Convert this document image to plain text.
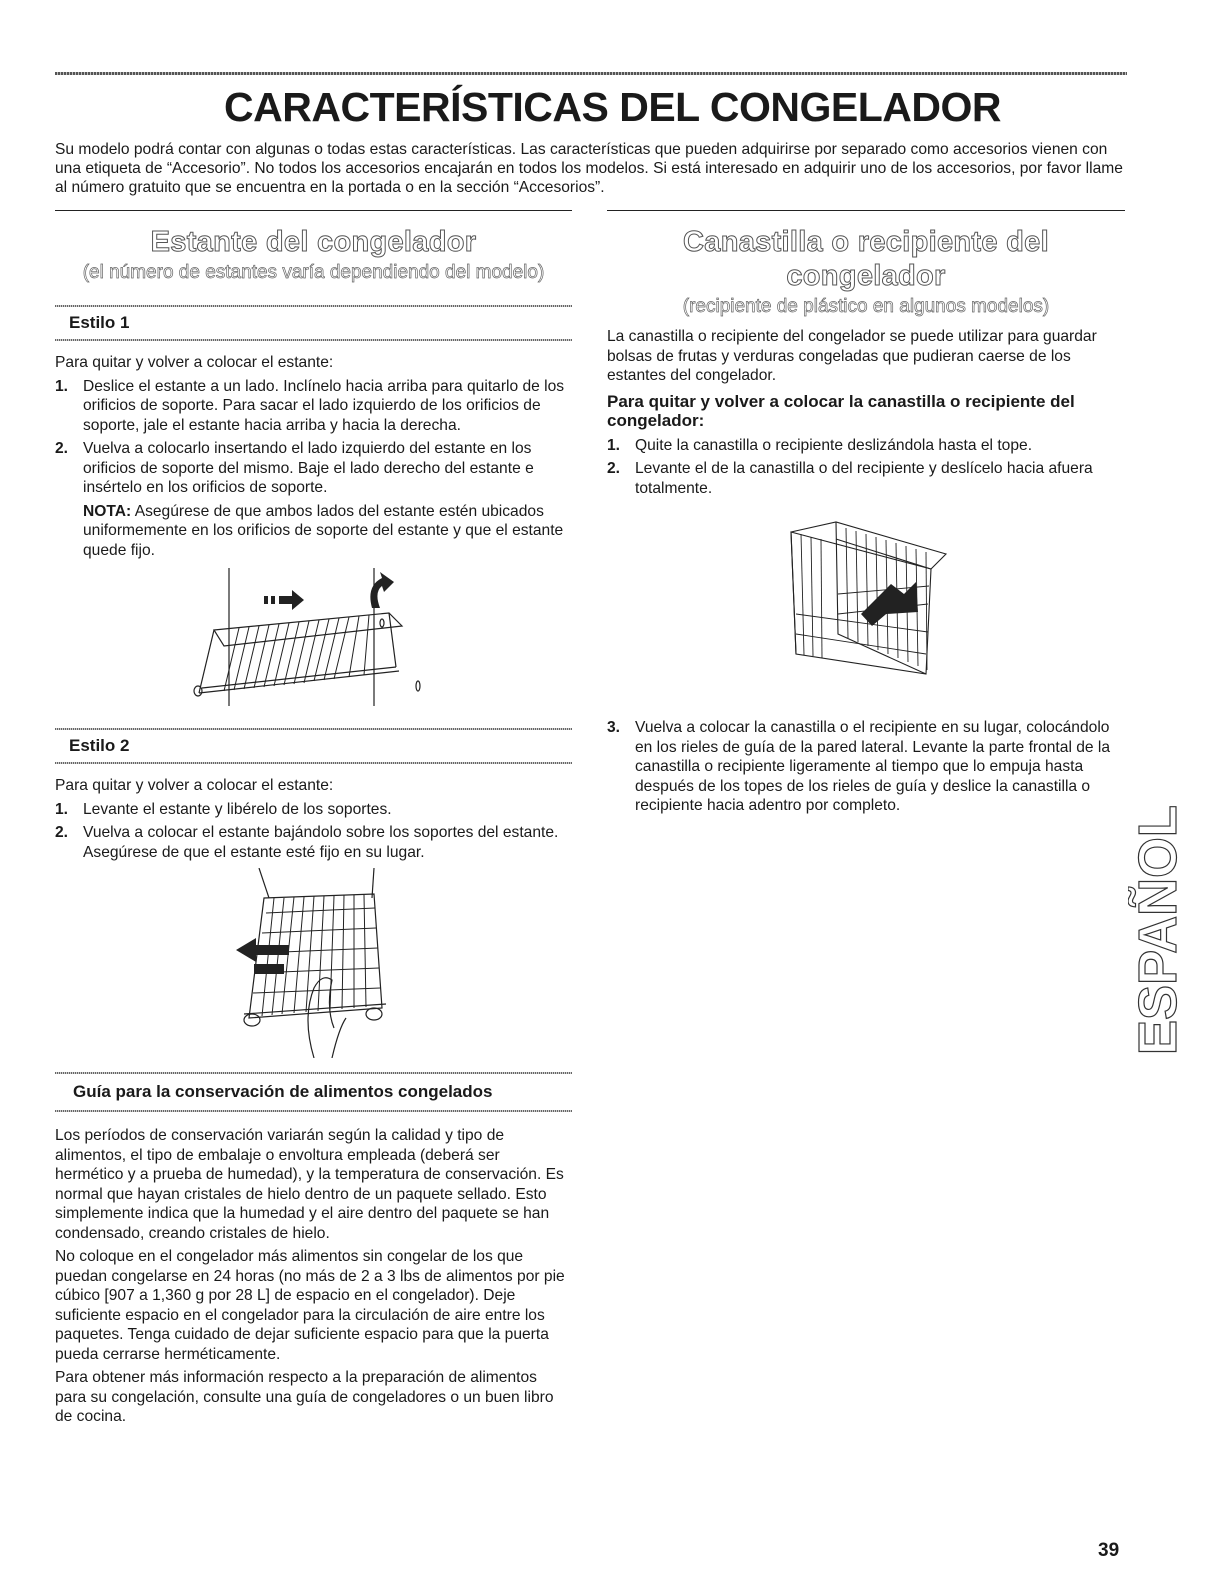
CARACTERÍSTICAS DEL CONGELADOR

Su modelo podrá contar con algunas o todas estas características. Las características que pueden adquirirse por separado como accesorios vienen con una etiqueta de “Accesorio”. No todos los accesorios encajarán en todos los modelos. Si está interesado en adquirir uno de los accesorios, por favor llame al número gratuito que se encuentra en la portada o en la sección “Accesorios”.

Estante del congelador
(el número de estantes varía dependiendo del modelo)
Estilo 1

Para quitar y volver a colocar el estante:

1. Deslice el estante a un lado. Inclínelo hacia arriba para quitarlo de los orificios de soporte. Para sacar el lado izquierdo de los orificios de soporte, jale el estante hacia arriba y hacia la derecha.
2. Vuelva a colocarlo insertando el lado izquierdo del estante en los orificios de soporte del mismo. Baje el lado derecho del estante e insértelo en los orificios de soporte.

NOTA: Asegúrese de que ambos lados del estante estén ubicados uniformemente en los orificios de soporte del estante y que el estante quede fijo.

Estilo 2

Para quitar y volver a colocar el estante:

1. Levante el estante y libérelo de los soportes.
2. Vuelva a colocar el estante bajándolo sobre los soportes del estante. Asegúrese de que el estante esté fijo en su lugar.
Guía para la conservación de alimentos congelados

Los períodos de conservación variarán según la calidad y tipo de alimentos, el tipo de embalaje o envoltura empleada (deberá ser hermético y a prueba de humedad), y la temperatura de conservación. Es normal que hayan cristales de hielo dentro de un paquete sellado. Esto simplemente indica que la humedad y el aire dentro del paquete se han condensado, creando cristales de hielo.

No coloque en el congelador más alimentos sin congelar de los que puedan congelarse en 24 horas (no más de 2 a 3 lbs de alimentos por pie cúbico [907 a 1,360 g por 28 L] de espacio en el congelador). Deje suficiente espacio en el congelador para la circulación de aire entre los paquetes. Tenga cuidado de dejar suficiente espacio para que la puerta pueda cerrarse herméticamente.

Para obtener más información respecto a la preparación de alimentos para su congelación, consulte una guía de congeladores o un buen libro de cocina.

Canastilla o recipiente del congelador
(recipiente de plástico en algunos modelos)

La canastilla o recipiente del congelador se puede utilizar para guardar bolsas de frutas y verduras congeladas que pudieran caerse de los estantes del congelador.

Para quitar y volver a colocar la canastilla o recipiente del congelador:
1. Quite la canastilla o recipiente deslizándola hasta el tope.
2. Levante el de la canastilla o del recipiente y deslícelo hacia afuera totalmente.
3. Vuelva a colocar la canastilla o el recipiente en su lugar, colocándolo en los rieles de guía de la pared lateral. Levante la parte frontal de la canastilla o recipiente ligeramente al tiempo que lo empuja hasta después de los topes de los rieles de guía y deslice la canastilla o recipiente hacia adentro por completo.	ESPAÑOL
39
